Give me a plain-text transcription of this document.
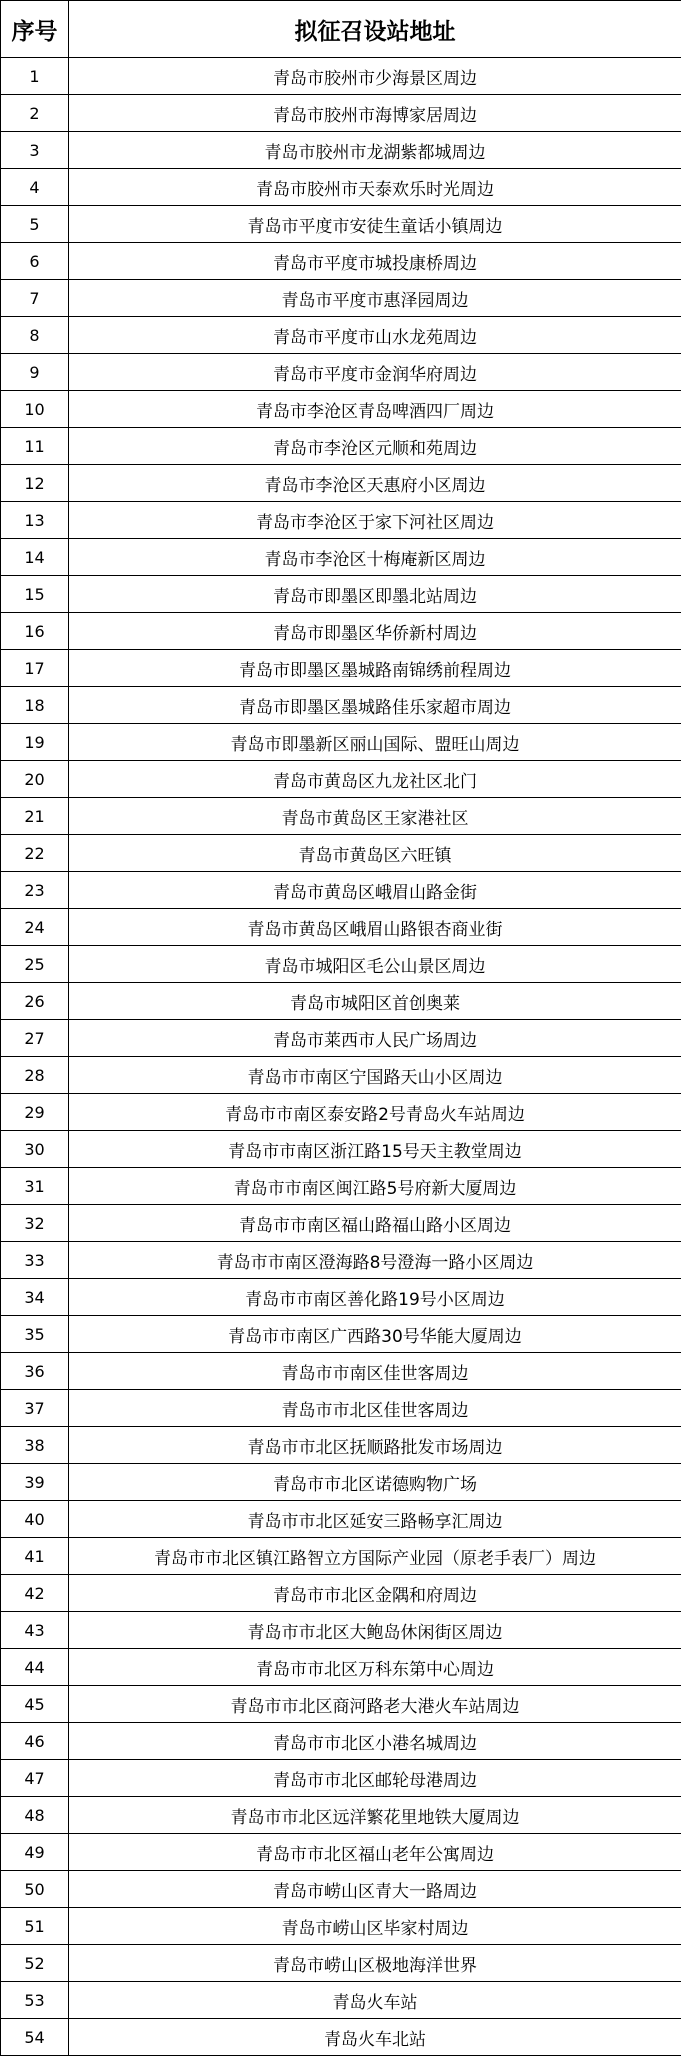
序号	拟征召设站地址
1	青岛市胶州市少海景区周边
2	青岛市胶州市海博家居周边
3	青岛市胶州市龙湖紫都城周边
4	青岛市胶州市天泰欢乐时光周边
5	青岛市平度市安徒生童话小镇周边
6	青岛市平度市城投康桥周边
7	青岛市平度市惠泽园周边
8	青岛市平度市山水龙苑周边
9	青岛市平度市金润华府周边
10	青岛市李沧区青岛啤酒四厂周边
11	青岛市李沧区元顺和苑周边
12	青岛市李沧区天惠府小区周边
13	青岛市李沧区于家下河社区周边
14	青岛市李沧区十梅庵新区周边
15	青岛市即墨区即墨北站周边
16	青岛市即墨区华侨新村周边
17	青岛市即墨区墨城路南锦绣前程周边
18	青岛市即墨区墨城路佳乐家超市周边
19	青岛市即墨新区丽山国际、盟旺山周边
20	青岛市黄岛区九龙社区北门
21	青岛市黄岛区王家港社区
22	青岛市黄岛区六旺镇
23	青岛市黄岛区峨眉山路金街
24	青岛市黄岛区峨眉山路银杏商业街
25	青岛市城阳区毛公山景区周边
26	青岛市城阳区首创奥莱
27	青岛市莱西市人民广场周边
28	青岛市市南区宁国路天山小区周边
29	青岛市市南区泰安路2号青岛火车站周边
30	青岛市市南区浙江路15号天主教堂周边
31	青岛市市南区闽江路5号府新大厦周边
32	青岛市市南区福山路福山路小区周边
33	青岛市市南区澄海路8号澄海一路小区周边
34	青岛市市南区善化路19号小区周边
35	青岛市市南区广西路30号华能大厦周边
36	青岛市市南区佳世客周边
37	青岛市市北区佳世客周边
38	青岛市市北区抚顺路批发市场周边
39	青岛市市北区诺德购物广场
40	青岛市市北区延安三路畅享汇周边
41	青岛市市北区镇江路智立方国际产业园（原老手表厂）周边
42	青岛市市北区金隅和府周边
43	青岛市市北区大鲍岛休闲街区周边
44	青岛市市北区万科东第中心周边
45	青岛市市北区商河路老大港火车站周边
46	青岛市市北区小港名城周边
47	青岛市市北区邮轮母港周边
48	青岛市市北区远洋繁花里地铁大厦周边
49	青岛市市北区福山老年公寓周边
50	青岛市崂山区青大一路周边
51	青岛市崂山区毕家村周边
52	青岛市崂山区极地海洋世界
53	青岛火车站
54	青岛火车北站
